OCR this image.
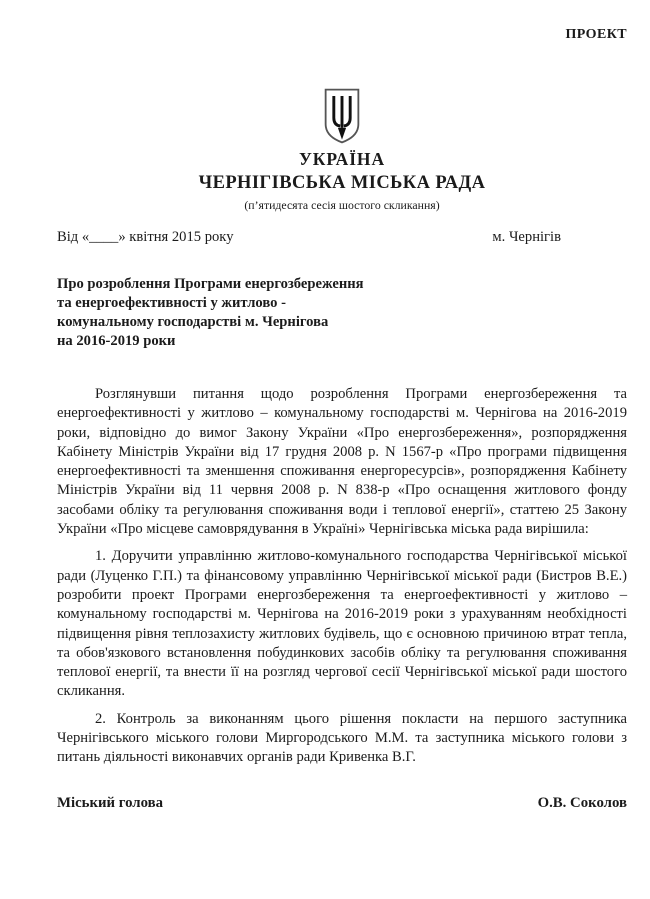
ПРОЕКТ
УКРАЇНА
ЧЕРНІГІВСЬКА МІСЬКА РАДА
(п’ятидесята сесія шостого скликання)
Від «____» квітня 2015 року	м. Чернігів
Про розроблення Програми енергозбереження
та енергоефективності у житлово -
комунальному господарстві м. Чернігова
на 2016-2019 роки

Розглянувши питання щодо розроблення Програми енергозбереження та енергоефективності у житлово – комунальному господарстві м. Чернігова на 2016-2019 роки, відповідно до вимог Закону України «Про енергозбереження», розпорядження Кабінету Міністрів України від 17 грудня 2008 р. N 1567-р «Про програми підвищення енергоефективності та зменшення споживання енергоресурсів», розпорядження Кабінету Міністрів України від 11 червня 2008 р. N 838-р «Про оснащення житлового фонду засобами обліку та регулювання споживання води і теплової енергії», статтею 25 Закону України «Про місцеве самоврядування в Україні» Чернігівська міська рада вирішила:

1. Доручити управлінню житлово-комунального господарства Чернігівської міської ради (Луценко Г.П.) та фінансовому управлінню Чернігівської міської ради (Бистров В.Е.) розробити проект Програми енергозбереження та енергоефективності у житлово – комунальному господарстві м. Чернігова на 2016-2019 роки з урахуванням необхідності підвищення рівня теплозахисту житлових будівель, що є основною причиною втрат тепла, та обов'язкового встановлення побудинкових засобів обліку та регулювання споживання теплової енергії, та внести її на розгляд чергової сесії Чернігівської міської ради шостого скликання.

2. Контроль за виконанням цього рішення покласти на першого заступника Чернігівського міського голови Миргородського М.М. та заступника міського голови з питань діяльності виконавчих органів ради Кривенка В.Г.

Міський голова	О.В. Соколов
